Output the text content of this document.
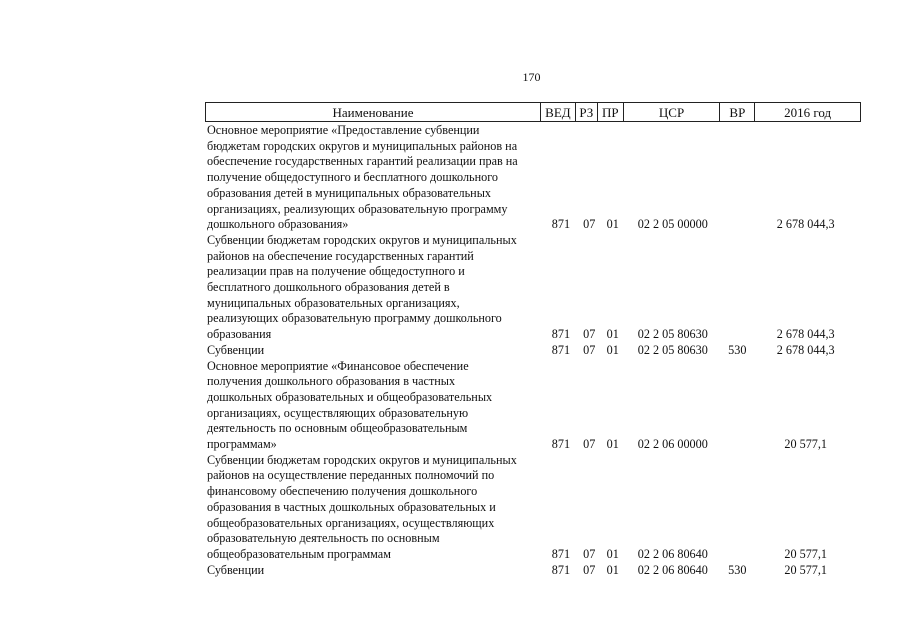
170
Наименование	ВЕД РЗ ПР	ЦСР	ВР	2016 год
Основное мероприятие «Предоставление субвенции
бюджетам городских округов и муниципальных районов на
обеспечение государственных гарантий реализации прав на
получение общедоступного и бесплатного дошкольного
образования детей в муниципальных образовательных
организациях, реализующих образовательную программу
дошкольного образования»	871	07 01	02 2 05 00000	2 678 044,3
Субвенции бюджетам городских округов и муниципальных
районов на обеспечение государственных гарантий
реализации прав на получение общедоступного и
бесплатного дошкольного образования детей в
муниципальных образовательных организациях,
реализующих образовательную программу дошкольного
образования	871	07 01	02 2 05 80630	2 678 044,3
Субвенции	871	07 01	02 2 05 80630	530	2 678 044,3
Основное мероприятие «Финансовое обеспечение
получения дошкольного образования в частных
дошкольных образовательных и общеобразовательных
организациях, осуществляющих образовательную
деятельность по основным общеобразовательным
программам»	871	07 01	02 2 06 00000	20 577,1
Субвенции бюджетам городских округов и муниципальных
районов на осуществление переданных полномочий по
финансовому обеспечению получения дошкольного
образования в частных дошкольных образовательных и
общеобразовательных организациях, осуществляющих
образовательную деятельность по основным
общеобразовательным программам	871	07 01	02 2 06 80640	20 577,1
Субвенции	871	07 01	02 2 06 80640	530	20 577,1
